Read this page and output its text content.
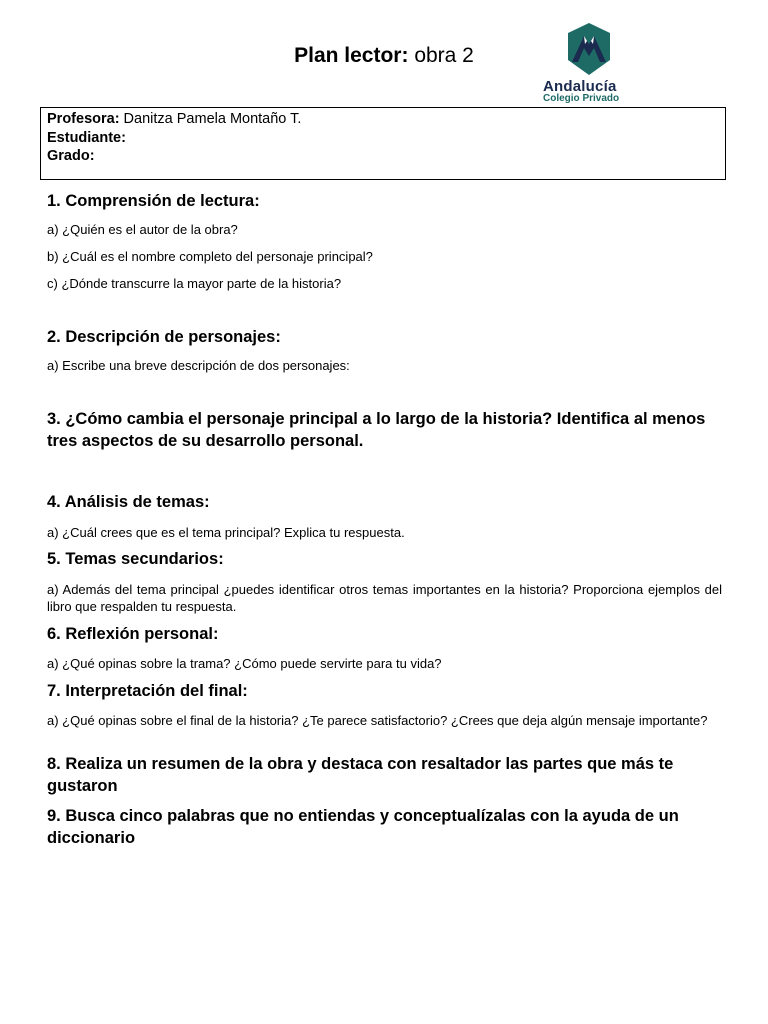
Plan lector: obra 2
Andalucía
Colegio Privado
Profesora: Danitza Pamela Montaño T.
Estudiante:
Grado:
1. Comprensión de lectura:
a) ¿Quién es el autor de la obra?
b) ¿Cuál es el nombre completo del personaje principal?
c) ¿Dónde transcurre la mayor parte de la historia?
2. Descripción de personajes:
a) Escribe una breve descripción de dos personajes:
3. ¿Cómo cambia el personaje principal a lo largo de la historia? Identifica al menos tres aspectos de su desarrollo personal.
4. Análisis de temas:
a) ¿Cuál crees que es el tema principal? Explica tu respuesta.
5. Temas secundarios:
a) Además del tema principal ¿puedes identificar otros temas importantes en la historia? Proporciona ejemplos del libro que respalden tu respuesta.
6. Reflexión personal:
a) ¿Qué opinas sobre la trama? ¿Cómo puede servirte para tu vida?
7. Interpretación del final:
a) ¿Qué opinas sobre el final de la historia? ¿Te parece satisfactorio? ¿Crees que deja algún mensaje importante?
8. Realiza un resumen de la obra y destaca con resaltador las partes que más te gustaron
9. Busca cinco palabras que no entiendas y conceptualízalas con la ayuda de un diccionario
